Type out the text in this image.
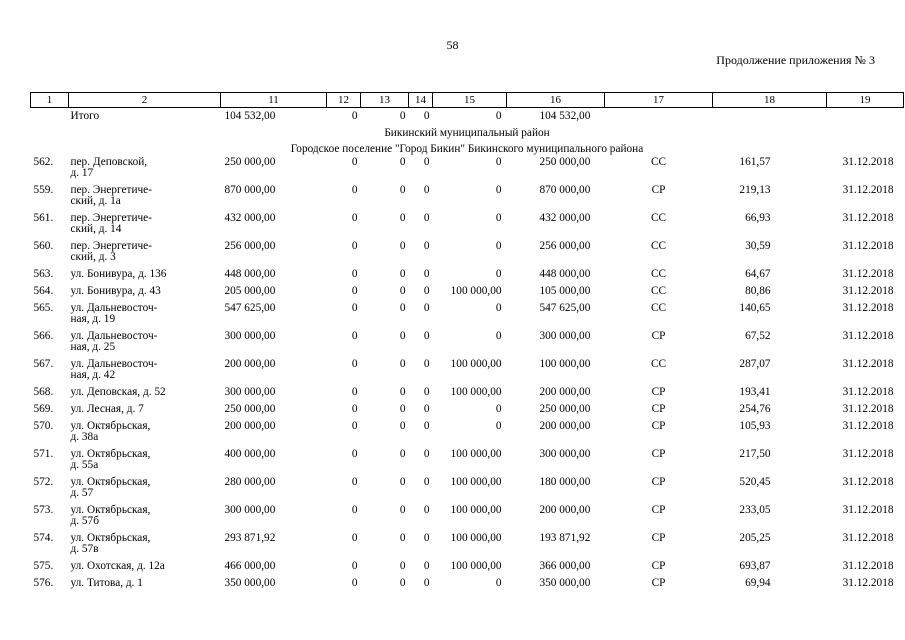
58
Продолжение приложения № 3
1	2	11	12	13	14	15	16	17	18	19

	Итого	104 532,00	0	0	0	0	104 532,00			
Бикинский муниципальный район										
Городское поселение "Город Бикин" Бикинского муниципального района										
562.	пер. Деповской,
д. 17	250 000,00	0	0	0	0	250 000,00	СС	161,57	31.12.2018
559.	пер. Энергетиче-
ский, д. 1а	870 000,00	0	0	0	0	870 000,00	СР	219,13	31.12.2018
561.	пер. Энергетиче-
ский, д. 14	432 000,00	0	0	0	0	432 000,00	СС	66,93	31.12.2018
560.	пер. Энергетиче-
ский, д. 3	256 000,00	0	0	0	0	256 000,00	СС	30,59	31.12.2018
563.	ул. Бонивура, д. 136	448 000,00	0	0	0	0	448 000,00	СС	64,67	31.12.2018
564.	ул. Бонивура, д. 43	205 000,00	0	0	0	100 000,00	105 000,00	СС	80,86	31.12.2018
565.	ул. Дальневосточ-
ная, д. 19	547 625,00	0	0	0	0	547 625,00	СС	140,65	31.12.2018
566.	ул. Дальневосточ-
ная, д. 25	300 000,00	0	0	0	0	300 000,00	СР	67,52	31.12.2018
567.	ул. Дальневосточ-
ная, д. 42	200 000,00	0	0	0	100 000,00	100 000,00	СС	287,07	31.12.2018
568.	ул. Деповская, д. 52	300 000,00	0	0	0	100 000,00	200 000,00	СР	193,41	31.12.2018
569.	ул. Лесная, д. 7	250 000,00	0	0	0	0	250 000,00	СР	254,76	31.12.2018
570.	ул. Октябрьская,
д. 38а	200 000,00	0	0	0	0	200 000,00	СР	105,93	31.12.2018
571.	ул. Октябрьская,
д. 55а	400 000,00	0	0	0	100 000,00	300 000,00	СР	217,50	31.12.2018
572.	ул. Октябрьская,
д. 57	280 000,00	0	0	0	100 000,00	180 000,00	СР	520,45	31.12.2018
573.	ул. Октябрьская,
д. 57б	300 000,00	0	0	0	100 000,00	200 000,00	СР	233,05	31.12.2018
574.	ул. Октябрьская,
д. 57в	293 871,92	0	0	0	100 000,00	193 871,92	СР	205,25	31.12.2018
575.	ул. Охотская, д. 12а	466 000,00	0	0	0	100 000,00	366 000,00	СР	693,87	31.12.2018
576.	ул. Титова, д. 1	350 000,00	0	0	0	0	350 000,00	СР	69,94	31.12.2018
